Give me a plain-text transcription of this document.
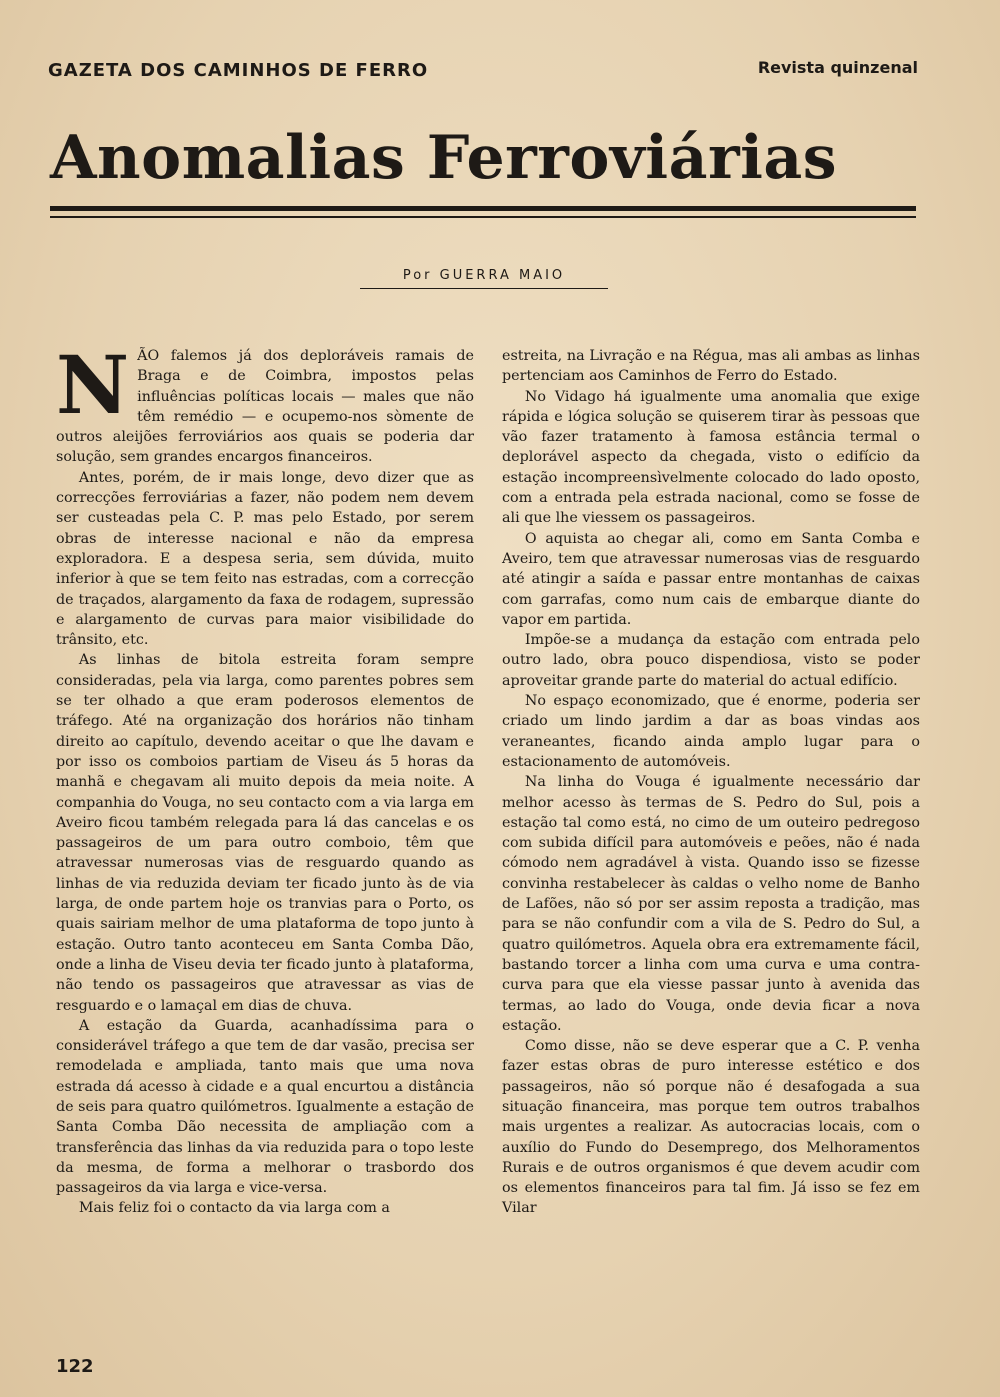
GAZETA DOS CAMINHOS DE FERRO	Revista quinzenal
Anomalias Ferroviárias
Por GUERRA MAIO

NÃO falemos já dos deploráveis ramais de Braga e de Coimbra, impostos pelas influências políticas locais — males que não têm remédio — e ocupemo-nos sòmente de outros aleijões ferroviários aos quais se poderia dar solução, sem grandes encargos financeiros.

Antes, porém, de ir mais longe, devo dizer que as correcções ferroviárias a fazer, não podem nem devem ser custeadas pela C. P. mas pelo Estado, por serem obras de interesse nacional e não da empresa exploradora. E a despesa seria, sem dúvida, muito inferior à que se tem feito nas estradas, com a correcção de traçados, alargamento da faxa de rodagem, supressão e alargamento de curvas para maior visibilidade do trânsito, etc.

As linhas de bitola estreita foram sempre consideradas, pela via larga, como parentes pobres sem se ter olhado a que eram poderosos elementos de tráfego. Até na organização dos horários não tinham direito ao capítulo, devendo aceitar o que lhe davam e por isso os comboios partiam de Viseu ás 5 horas da manhã e chegavam ali muito depois da meia noite. A companhia do Vouga, no seu contacto com a via larga em Aveiro ficou também relegada para lá das cancelas e os passageiros de um para outro comboio, têm que atravessar numerosas vias de resguardo quando as linhas de via reduzida deviam ter ficado junto às de via larga, de onde partem hoje os tranvias para o Porto, os quais sairiam melhor de uma plataforma de topo junto à estação. Outro tanto aconteceu em Santa Comba Dão, onde a linha de Viseu devia ter ficado junto à plataforma, não tendo os passageiros que atravessar as vias de resguardo e o lamaçal em dias de chuva.

A estação da Guarda, acanhadíssima para o considerável tráfego a que tem de dar vasão, precisa ser remodelada e ampliada, tanto mais que uma nova estrada dá acesso à cidade e a qual encurtou a distância de seis para quatro quilómetros. Igualmente a estação de Santa Comba Dão necessita de ampliação com a transferência das linhas da via reduzida para o topo leste da mesma, de forma a melhorar o trasbordo dos passageiros da via larga e vice-versa.

Mais feliz foi o contacto da via larga com a

estreita, na Livração e na Régua, mas ali ambas as linhas pertenciam aos Caminhos de Ferro do Estado.

No Vidago há igualmente uma anomalia que exige rápida e lógica solução se quiserem tirar às pessoas que vão fazer tratamento à famosa estância termal o deplorável aspecto da chegada, visto o edifício da estação incompreensìvelmente colocado do lado oposto, com a entrada pela estrada nacional, como se fosse de ali que lhe viessem os passageiros.

O aquista ao chegar ali, como em Santa Comba e Aveiro, tem que atravessar numerosas vias de resguardo até atingir a saída e passar entre montanhas de caixas com garrafas, como num cais de embarque diante do vapor em partida.

Impõe-se a mudança da estação com entrada pelo outro lado, obra pouco dispendiosa, visto se poder aproveitar grande parte do material do actual edifício.

No espaço economizado, que é enorme, poderia ser criado um lindo jardim a dar as boas vindas aos veraneantes, ficando ainda amplo lugar para o estacionamento de automóveis.

Na linha do Vouga é igualmente necessário dar melhor acesso às termas de S. Pedro do Sul, pois a estação tal como está, no cimo de um outeiro pedregoso com subida difícil para automóveis e peões, não é nada cómodo nem agradável à vista. Quando isso se fizesse convinha restabelecer às caldas o velho nome de Banho de Lafões, não só por ser assim reposta a tradição, mas para se não confundir com a vila de S. Pedro do Sul, a quatro quilómetros. Aquela obra era extremamente fácil, bastando torcer a linha com uma curva e uma contra-curva para que ela viesse passar junto à avenida das termas, ao lado do Vouga, onde devia ficar a nova estação.

Como disse, não se deve esperar que a C. P. venha fazer estas obras de puro interesse estético e dos passageiros, não só porque não é desafogada a sua situação financeira, mas porque tem outros trabalhos mais urgentes a realizar. As autocracias locais, com o auxílio do Fundo do Desemprego, dos Melhoramentos Rurais e de outros organismos é que devem acudir com os elementos financeiros para tal fim. Já isso se fez em Vilar

122
